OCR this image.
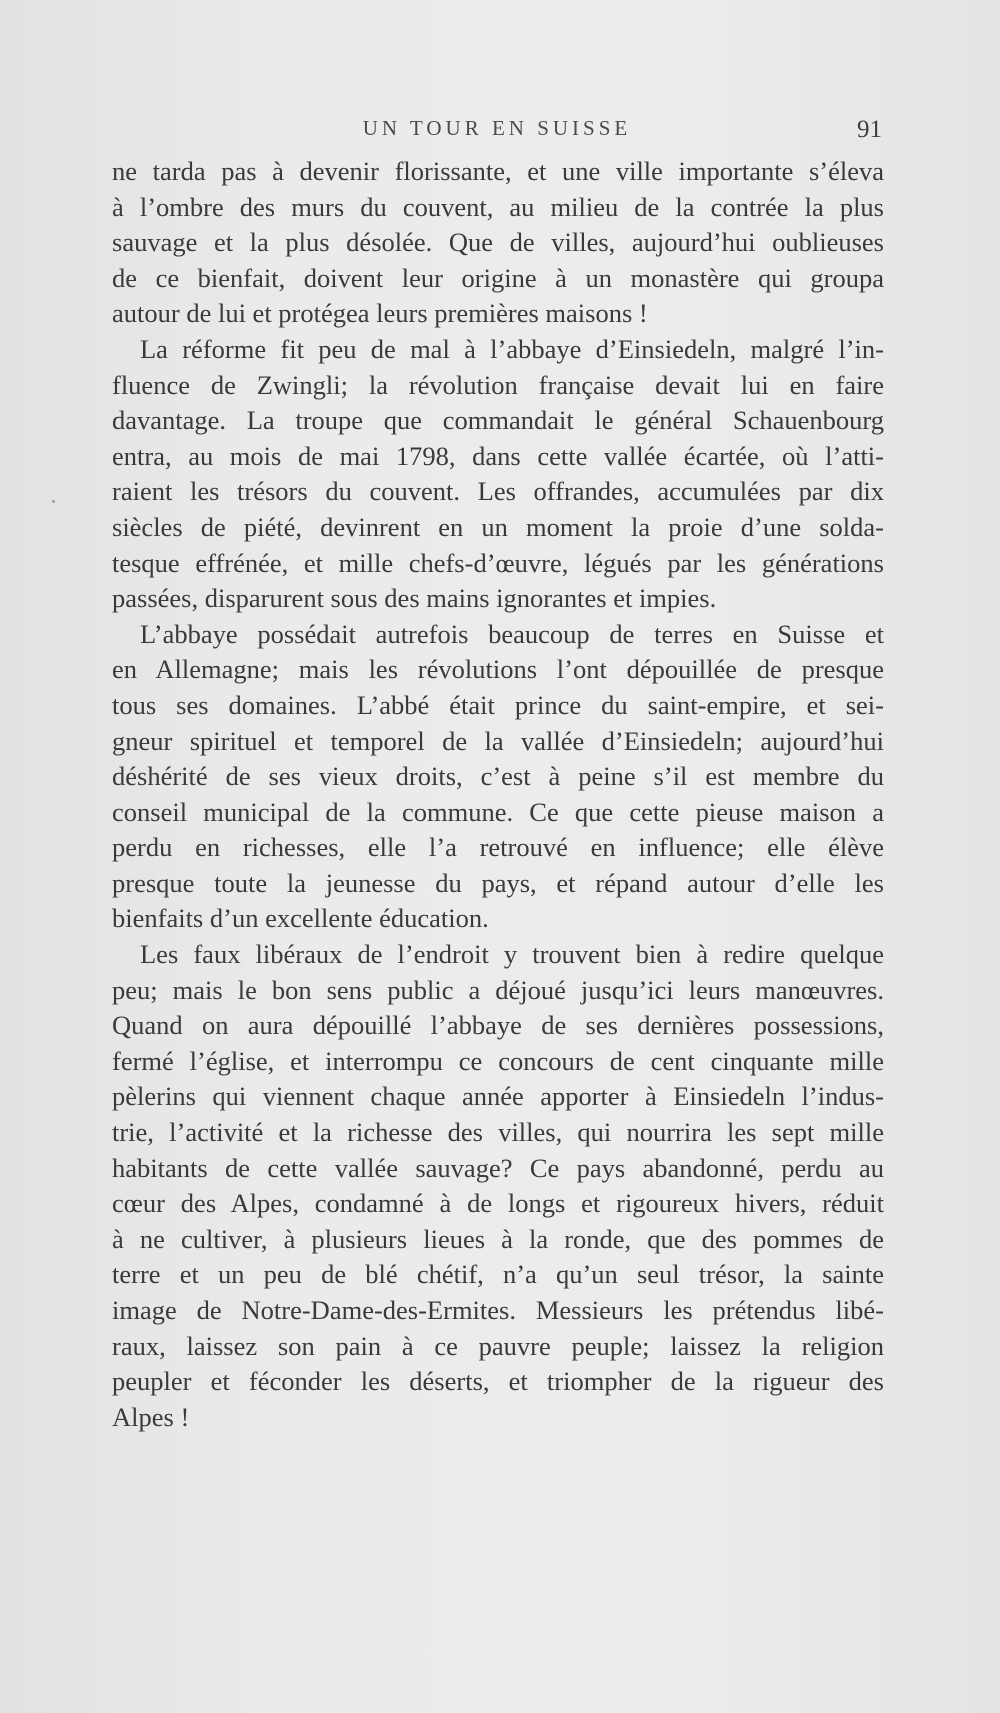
UN TOUR EN SUISSE	91
ne tarda pas à devenir florissante, et une ville importante s’éleva
à l’ombre des murs du couvent, au milieu de la contrée la plus
sauvage et la plus désolée. Que de villes, aujourd’hui oublieuses
de ce bienfait, doivent leur origine à un monastère qui groupa
autour de lui et protégea leurs premières maisons !
La réforme fit peu de mal à l’abbaye d’Einsiedeln, malgré l’in-
fluence de Zwingli; la révolution française devait lui en faire
davantage. La troupe que commandait le général Schauenbourg
entra, au mois de mai 1798, dans cette vallée écartée, où l’atti-
raient les trésors du couvent. Les offrandes, accumulées par dix
siècles de piété, devinrent en un moment la proie d’une solda-
tesque effrénée, et mille chefs-d’œuvre, légués par les générations
passées, disparurent sous des mains ignorantes et impies.
L’abbaye possédait autrefois beaucoup de terres en Suisse et
en Allemagne; mais les révolutions l’ont dépouillée de presque
tous ses domaines. L’abbé était prince du saint-empire, et sei-
gneur spirituel et temporel de la vallée d’Einsiedeln; aujourd’hui
déshérité de ses vieux droits, c’est à peine s’il est membre du
conseil municipal de la commune. Ce que cette pieuse maison a
perdu en richesses, elle l’a retrouvé en influence; elle élève
presque toute la jeunesse du pays, et répand autour d’elle les
bienfaits d’un excellente éducation.
Les faux libéraux de l’endroit y trouvent bien à redire quelque
peu; mais le bon sens public a déjoué jusqu’ici leurs manœuvres.
Quand on aura dépouillé l’abbaye de ses dernières possessions,
fermé l’église, et interrompu ce concours de cent cinquante mille
pèlerins qui viennent chaque année apporter à Einsiedeln l’indus-
trie, l’activité et la richesse des villes, qui nourrira les sept mille
habitants de cette vallée sauvage? Ce pays abandonné, perdu au
cœur des Alpes, condamné à de longs et rigoureux hivers, réduit
à ne cultiver, à plusieurs lieues à la ronde, que des pommes de
terre et un peu de blé chétif, n’a qu’un seul trésor, la sainte
image de Notre-Dame-des-Ermites. Messieurs les prétendus libé-
raux, laissez son pain à ce pauvre peuple; laissez la religion
peupler et féconder les déserts, et triompher de la rigueur des
Alpes !
